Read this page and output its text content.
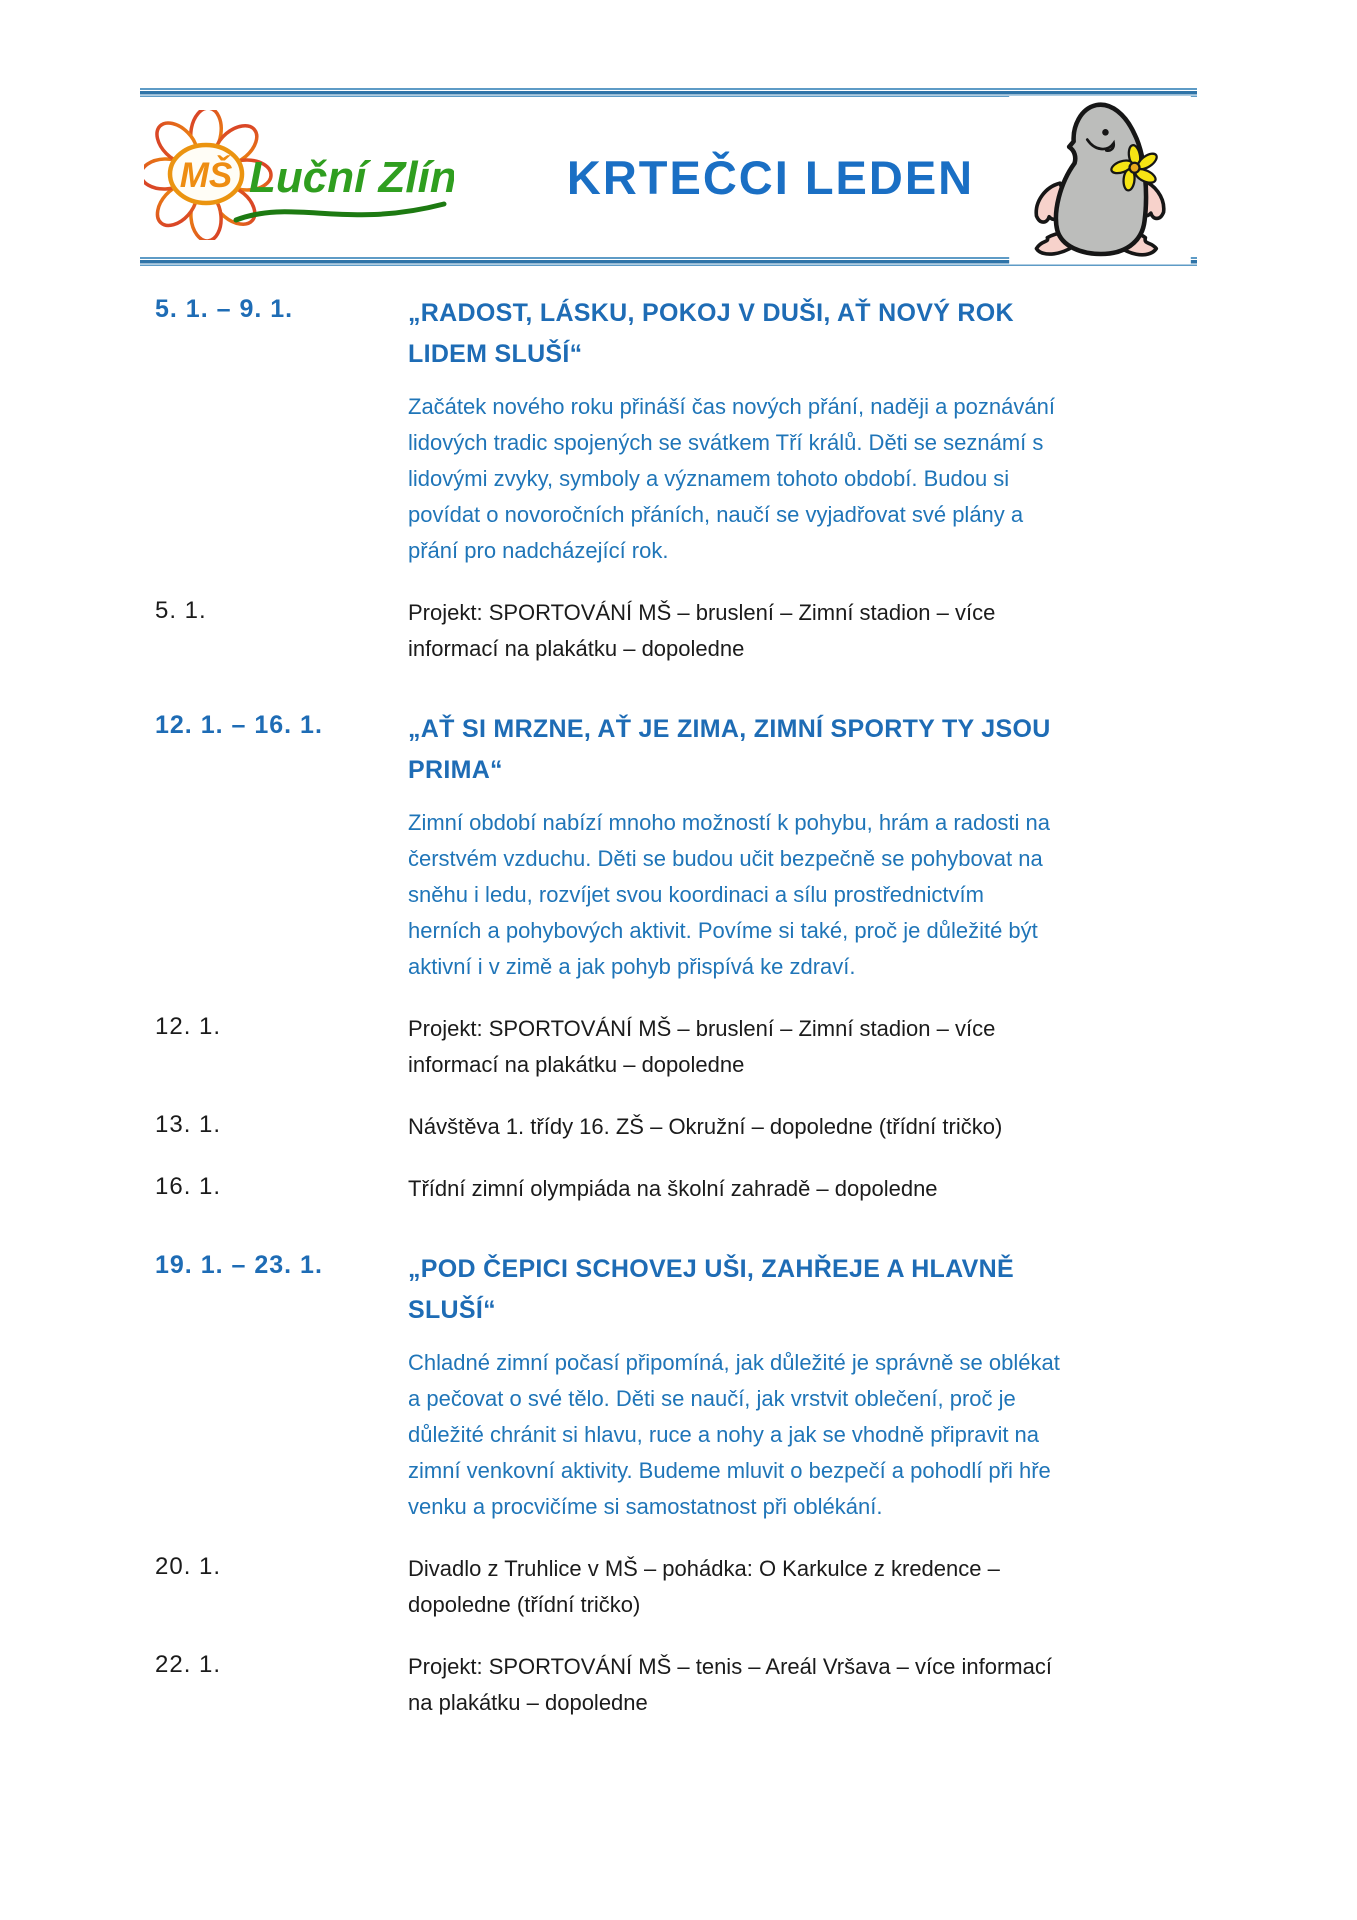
MŠ Luční Zlín	KRTEČCI LEDEN
5. 1. – 9. 1.	„RADOST, LÁSKU, POKOJ V DUŠI, AŤ NOVÝ ROK LIDEM SLUŠÍ“

Začátek nového roku přináší čas nových přání, naději a poznávání lidových tradic spojených se svátkem Tří králů. Děti se seznámí s lidovými zvyky, symboly a významem tohoto období. Budou si povídat o novoročních přáních, naučí se vyjadřovat své plány a přání pro nadcházející rok.

5. 1.	Projekt: SPORTOVÁNÍ MŠ – bruslení – Zimní stadion – více informací na plakátku – dopoledne
12. 1. – 16. 1.	„AŤ SI MRZNE, AŤ JE ZIMA, ZIMNÍ SPORTY TY JSOU PRIMA“

Zimní období nabízí mnoho možností k pohybu, hrám a radosti na čerstvém vzduchu. Děti se budou učit bezpečně se pohybovat na sněhu i ledu, rozvíjet svou koordinaci a sílu prostřednictvím herních a pohybových aktivit. Povíme si také, proč je důležité být aktivní i v zimě a jak pohyb přispívá ke zdraví.

12. 1.	Projekt: SPORTOVÁNÍ MŠ – bruslení – Zimní stadion – více informací na plakátku – dopoledne
13. 1.	Návštěva 1. třídy 16. ZŠ – Okružní – dopoledne (třídní tričko)
16. 1.	Třídní zimní olympiáda na školní zahradě – dopoledne
19. 1. – 23. 1.	„POD ČEPICI SCHOVEJ UŠI, ZAHŘEJE A HLAVNĚ SLUŠÍ“

Chladné zimní počasí připomíná, jak důležité je správně se oblékat a pečovat o své tělo. Děti se naučí, jak vrstvit oblečení, proč je důležité chránit si hlavu, ruce a nohy a jak se vhodně připravit na zimní venkovní aktivity. Budeme mluvit o bezpečí a pohodlí při hře venku a procvičíme si samostatnost při oblékání.

20. 1.	Divadlo z Truhlice v MŠ – pohádka: O Karkulce z kredence – dopoledne (třídní tričko)
22. 1.	Projekt: SPORTOVÁNÍ MŠ – tenis – Areál Vršava – více informací na plakátku – dopoledne
